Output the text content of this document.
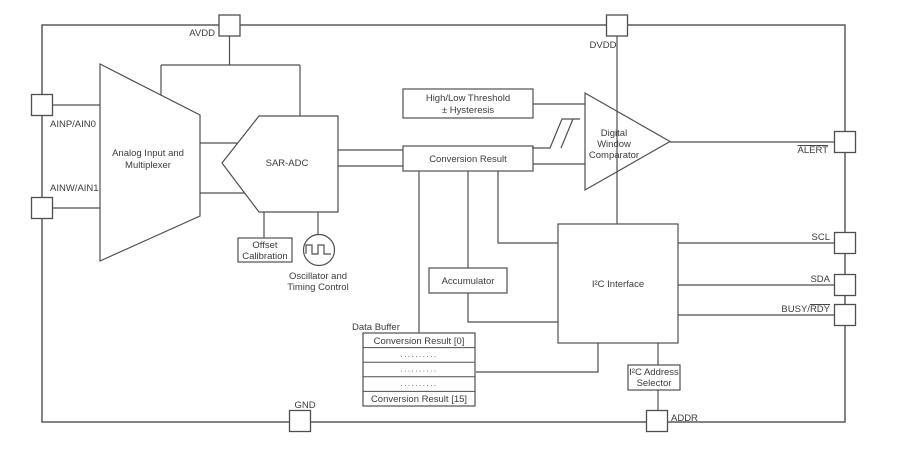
Analog Input and
Multiplexer	SAR-ADC
High/Low Threshold
± Hysteresis
Conversion Result
Digital
Window
Comparator
Offset
Calibration
Oscillator and
Timing Control
Accumulator	I²C Interface
Data Buffer
Conversion Result [0]
..........
..........
..........
Conversion Result [15]
I²C Address
Selector
AVDD
DVDD
AINP/AIN0
AINW/AIN1
ALERT
SCL
SDA
BUSY/RDY
GND
ADDR
